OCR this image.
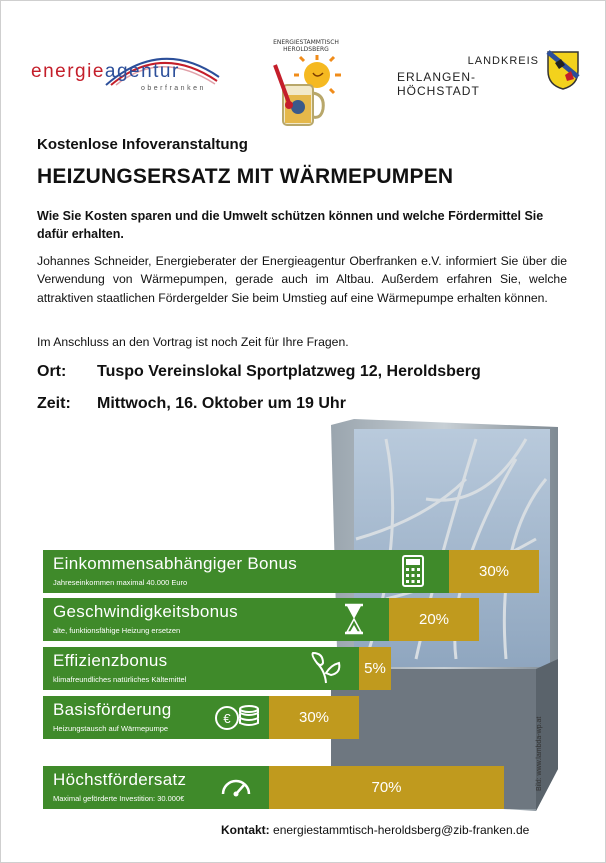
energieagentur
oberfranken
ENERGIESTAMMTISCH
HEROLDSBERG
LANDKREIS
ERLANGEN-HÖCHSTADT
Kostenlose Infoveranstaltung
HEIZUNGSERSATZ MIT WÄRMEPUMPEN
Wie Sie Kosten sparen und die Umwelt schützen können und welche Fördermittel Sie dafür erhalten.
Johannes Schneider, Energieberater der Energieagentur Oberfranken e.V. informiert Sie über die Verwendung von Wärmepumpen, gerade auch im Altbau. Außerdem erfahren Sie, welche attraktiven staatlichen Fördergelder Sie beim Umstieg auf eine Wärmepumpe erhalten können.
Im Anschluss an den Vortrag ist noch Zeit für Ihre Fragen.
Ort: Tuspo Vereinslokal Sportplatzweg 12, Heroldsberg
Zeit: Mittwoch, 16. Oktober um 19 Uhr
Einkommensabhängiger Bonus
Jahreseinkommen maximal 40.000 Euro
30%
Geschwindigkeitsbonus
alte, funktionsfähige Heizung ersetzen
20%
Effizienzbonus
klimafreundliches natürliches Kältemittel
5%
Basisförderung
Heizungstausch auf Wärmepumpe
€	30%
Höchstfördersatz
Maximal geförderte Investition: 30.000€
70%	Bild: www.lambda-wp.at
Kontakt: energiestammtisch-heroldsberg@zib-franken.de
